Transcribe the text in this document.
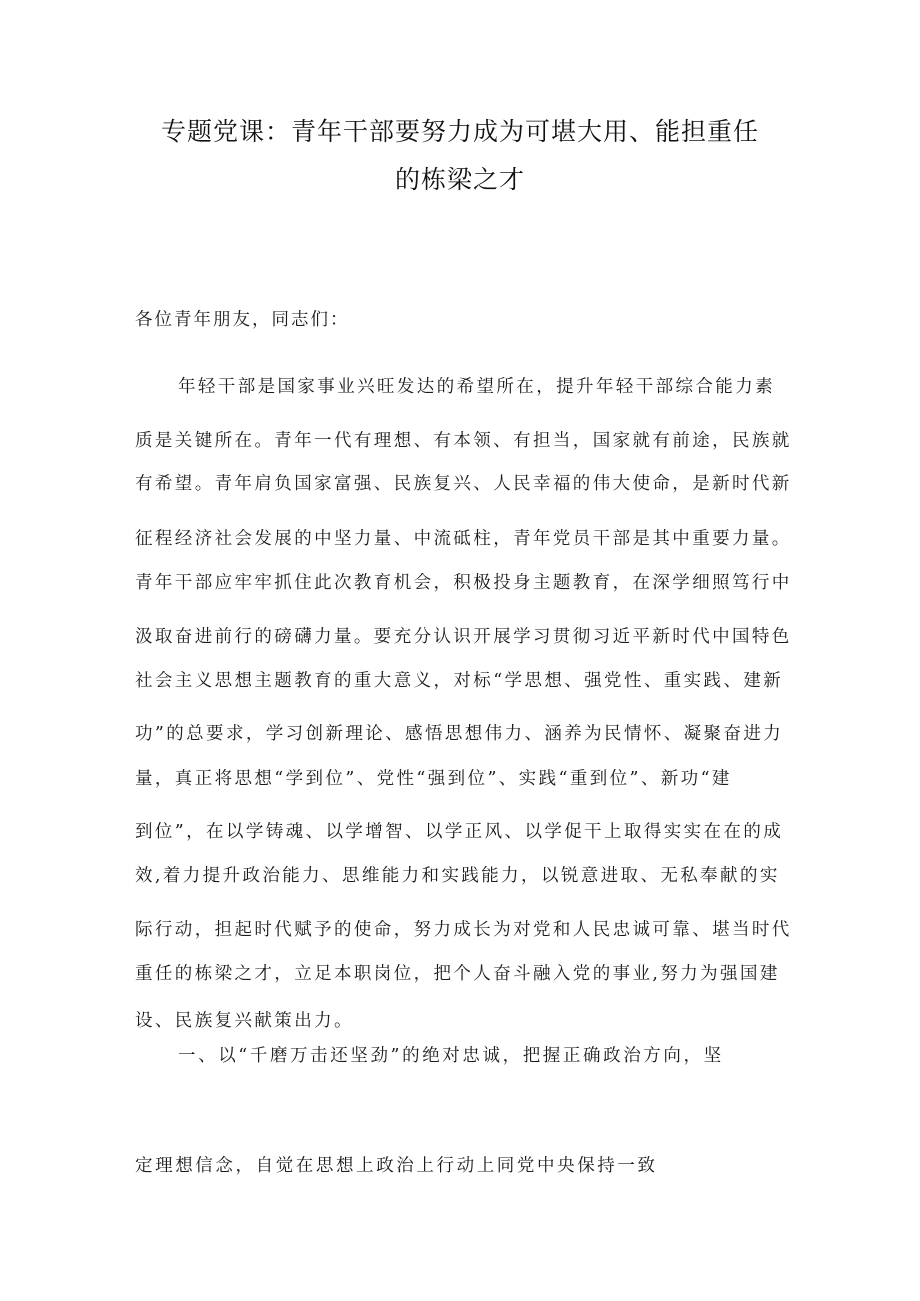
专题党课：青年干部要努力成为可堪大用、能担重任
的栋梁之才
各位青年朋友，同志们：
年轻干部是国家事业兴旺发达的希望所在，提升年轻干部综合能力素
质是关键所在。青年一代有理想、有本领、有担当，国家就有前途，民族就
有希望。青年肩负国家富强、民族复兴、人民幸福的伟大使命，是新时代新
征程经济社会发展的中坚力量、中流砥柱，青年党员干部是其中重要力量。
青年干部应牢牢抓住此次教育机会，积极投身主题教育，在深学细照笃行中
汲取奋进前行的磅礴力量。要充分认识开展学习贯彻习近平新时代中国特色
社会主义思想主题教育的重大意义，对标“学思想、强党性、重实践、建新
功”的总要求，学习创新理论、感悟思想伟力、涵养为民情怀、凝聚奋进力
量，真正将思想“学到位”、党性“强到位”、实践“重到位”、新功“建
到位”，在以学铸魂、以学增智、以学正风、以学促干上取得实实在在的成
效,着力提升政治能力、思维能力和实践能力，以锐意进取、无私奉献的实
际行动，担起时代赋予的使命，努力成长为对党和人民忠诚可靠、堪当时代
重任的栋梁之才，立足本职岗位，把个人奋斗融入党的事业,努力为强国建
设、民族复兴献策出力。
一、以“千磨万击还坚劲”的绝对忠诚，把握正确政治方向，坚
定理想信念，自觉在思想上政治上行动上同党中央保持一致
